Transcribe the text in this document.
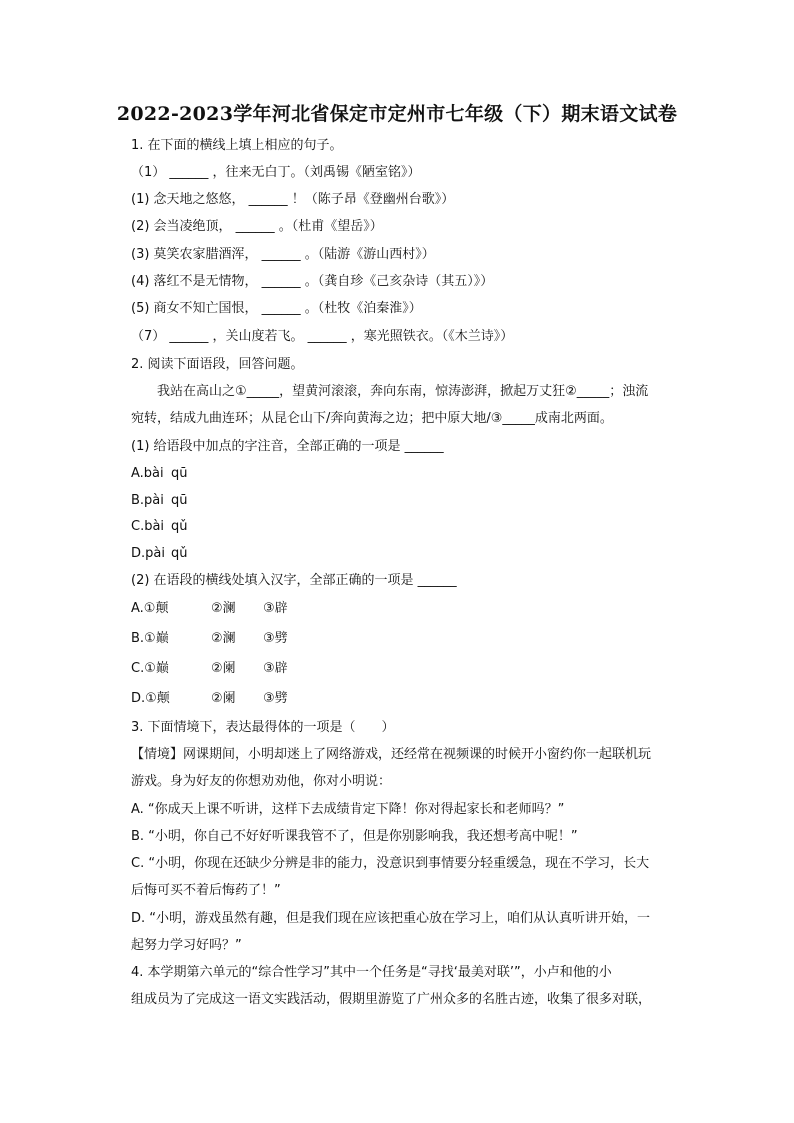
2022-2023学年河北省保定市定州市七年级（下）期末语文试卷
1. 在下面的横线上填上相应的句子。
（1） ______ ，往来无白丁。（刘禹锡《陋室铭》）
(1) 念天地之悠悠， ______ ！（陈子昂《登幽州台歌》）
(2) 会当凌绝顶， ______ 。（杜甫《望岳》）
(3) 莫笑农家腊酒浑， ______ 。（陆游《游山西村》）
(4) 落红不是无情物， ______ 。（龚自珍《己亥杂诗（其五）》）
(5) 商女不知亡国恨， ______ 。（杜牧《泊秦淮》）
（7） ______ ，关山度若飞。 ______ ，寒光照铁衣。（《木兰诗》）
2. 阅读下面语段，回答问题。
我站在高山之①_____，望黄河滚滚，奔向东南，惊涛澎湃，掀起万丈狂②_____；浊流
宛转，结成九曲连环；从昆仑山下/奔向黄海之边；把中原大地/③_____成南北两面。
(1) 给语段中加点的字注音，全部正确的一项是 ______
A.bài qū
B.pài qū
C.bài qǔ
D.pài qǔ
(2) 在语段的横线处填入汉字，全部正确的一项是 ______
A.①颠	②澜 ③辟
B.①巅	②澜 ③劈
C.①巅	②阑 ③辟
D.①颠	②阑 ③劈
3. 下面情境下，表达最得体的一项是（　　）
【情境】网课期间，小明却迷上了网络游戏，还经常在视频课的时候开小窗约你一起联机玩
游戏。身为好友的你想劝劝他，你对小明说：
A. “你成天上课不听讲，这样下去成绩肯定下降！你对得起家长和老师吗？”
B. “小明，你自己不好好听课我管不了，但是你别影响我，我还想考高中呢！”
C. “小明，你现在还缺少分辨是非的能力，没意识到事情要分轻重缓急，现在不学习，长大
后悔可买不着后悔药了！”
D. “小明，游戏虽然有趣，但是我们现在应该把重心放在学习上，咱们从认真听讲开始，一
起努力学习好吗？”
4. 本学期第六单元的“综合性学习”其中一个任务是“寻找‘最美对联’”，小卢和他的小
组成员为了完成这一语文实践活动，假期里游览了广州众多的名胜古迹，收集了很多对联，
